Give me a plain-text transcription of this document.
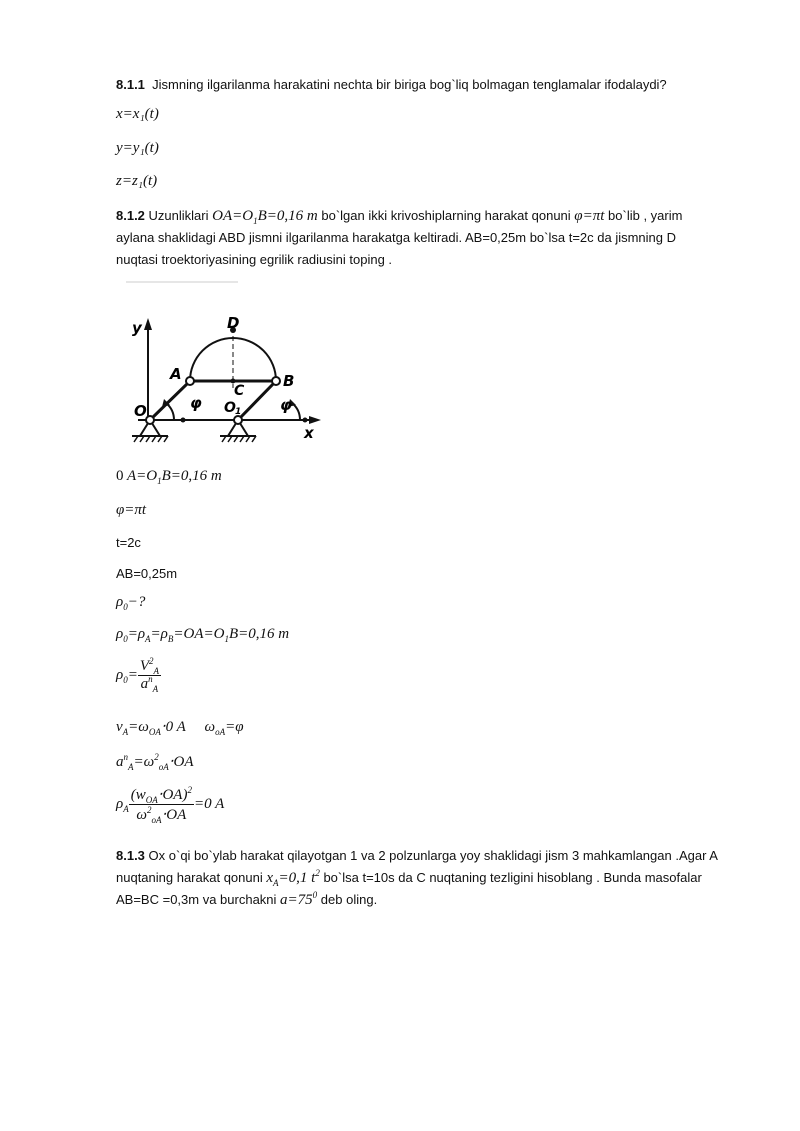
8.1.1 Jismning ilgarilanma harakatini nechta bir biriga bog`liq bolmagan tenglamalar ifodalaydi?
x=x₁(t)
y=y₁(t)
z=z₁(t)
8.1.2 Uzunliklari $OA=O_1B=0,16$ m bo`lgan ikki krivoshiplarning harakat qonuni φ=πt bo`lib , yarim
aylana shaklidagi ABD jismni ilgarilanma harakatga keltiradi. AB=0,25m bo`lsa t=2c da jismning D
nuqtasi troektoriyasining egrilik radiusini toping .
y
x
D
A	B
C
O	O 1
φ	φ
0 $A=O_1B=0,16$ m
φ=πt
t=2c
AB=0,25m
$\rho_0-$?
$\rho_0=\rho_A=\rho_B=OA=O_1B=0,16$ m
$\rho_0= \frac{V^2_A}{a^n_A}$
$v_A=\omega_{OA}\cdot 0$ A     $\omega_{oA}=\varphi$
$a^n_A=\omega^2_{oA}\cdot OA$
$\rho_A \frac{(w_{OA}\cdot OA)^2}{\omega^2_{oA}\cdot OA} =0$ A
8.1.3 Ox o`qi bo`ylab harakat qilayotgan 1 va 2 polzunlarga yoy shaklidagi jism 3 mahkamlangan .Agar A
nuqtaning harakat qonuni $x_A=0,1$ $t^2$ bo`lsa t=10s da C nuqtaning tezligini hisoblang . Bunda masofalar
AB=BC =0,3m va burchakni $a=75^0$ deb oling.
